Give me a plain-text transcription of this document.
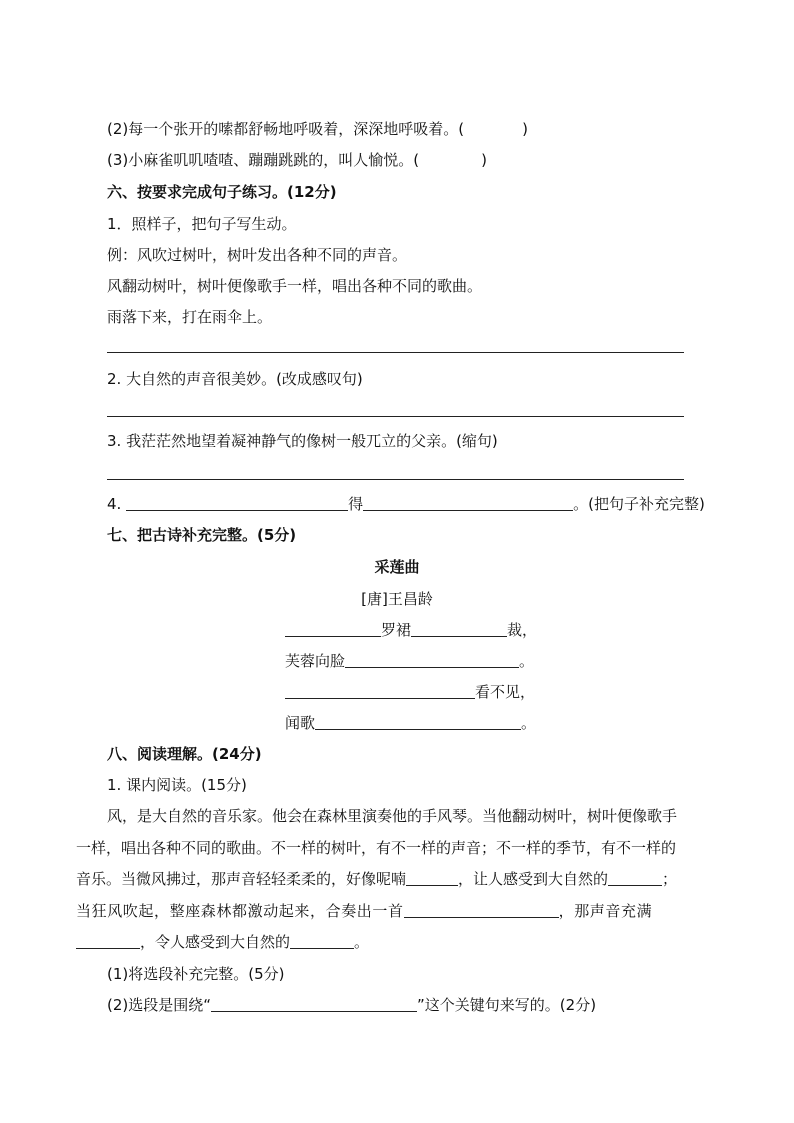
(2)每一个张开的嗦都舒畅地呼吸着，深深地呼吸着。(	)
(3)小麻雀叽叽喳喳、蹦蹦跳跳的，叫人愉悦。(	)
六、按要求完成句子练习。(12分)
1．照样子，把句子写生动。
例：风吹过树叶，树叶发出各种不同的声音。
风翻动树叶，树叶便像歌手一样，唱出各种不同的歌曲。
雨落下来，打在雨伞上。
2. 大自然的声音很美妙。(改成感叹句)
3. 我茫茫然地望着凝神静气的像树一般兀立的父亲。(缩句)
4.	得	。(把句子补充完整)
七、把古诗补充完整。(5分)
采莲曲
[唐]王昌龄
罗裙	裁，
芙蓉向脸	。
看不见，
闻歌	。
八、阅读理解。(24分)
1. 课内阅读。(15分)
风，是大自然的音乐家。他会在森林里演奏他的手风琴。当他翻动树叶，树叶便像歌手
一样，唱出各种不同的歌曲。不一样的树叶，有不一样的声音；不一样的季节，有不一样的
音乐。当微风拂过，那声音轻轻柔柔的，好像呢喃	，让人感受到大自然的	；
当狂风吹起，整座森林都激动起来，合奏出一首	，那声音充满
，令人感受到大自然的	。
(1)将选段补充完整。(5分)
(2)选段是围绕“	”这个关键句来写的。(2分)
